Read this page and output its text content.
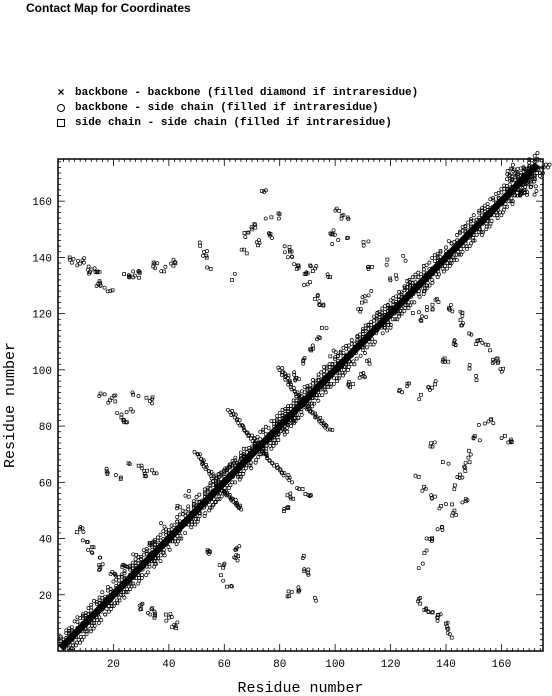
Contact Map for Coordinates

×

backbone - backbone (filled diamond if intraresidue)

backbone - side chain (filled if intraresidue)

side chain - side chain (filled if intraresidue)

20	40	60	80	100	120	140	160
20
40
60
80
100
120
140
160
Residue number
Residue number
